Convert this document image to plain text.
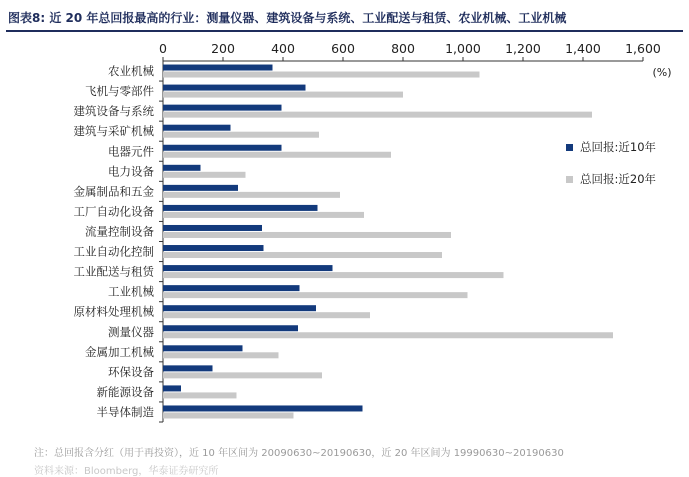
图表8: 近 20 年总回报最高的行业：测量仪器、建筑设备与系统、工业配送与租赁、农业机械、工业机械
0	200	400	600	800 1,000 1,200 1,400 1,600
(%)
农业机械
飞机与零部件
建筑设备与系统
建筑与采矿机械
电器元件
电力设备
金属制品和五金
工厂自动化设备
流量控制设备
工业自动化控制
工业配送与租赁
工业机械
原材料处理机械
测量仪器
金属加工机械
环保设备
新能源设备
半导体制造
总回报:近10年
总回报:近20年
注：总回报含分红（用于再投资），近 10 年区间为 20090630~20190630，近 20 年区间为 19990630~20190630
资料来源：Bloomberg，华泰证券研究所
